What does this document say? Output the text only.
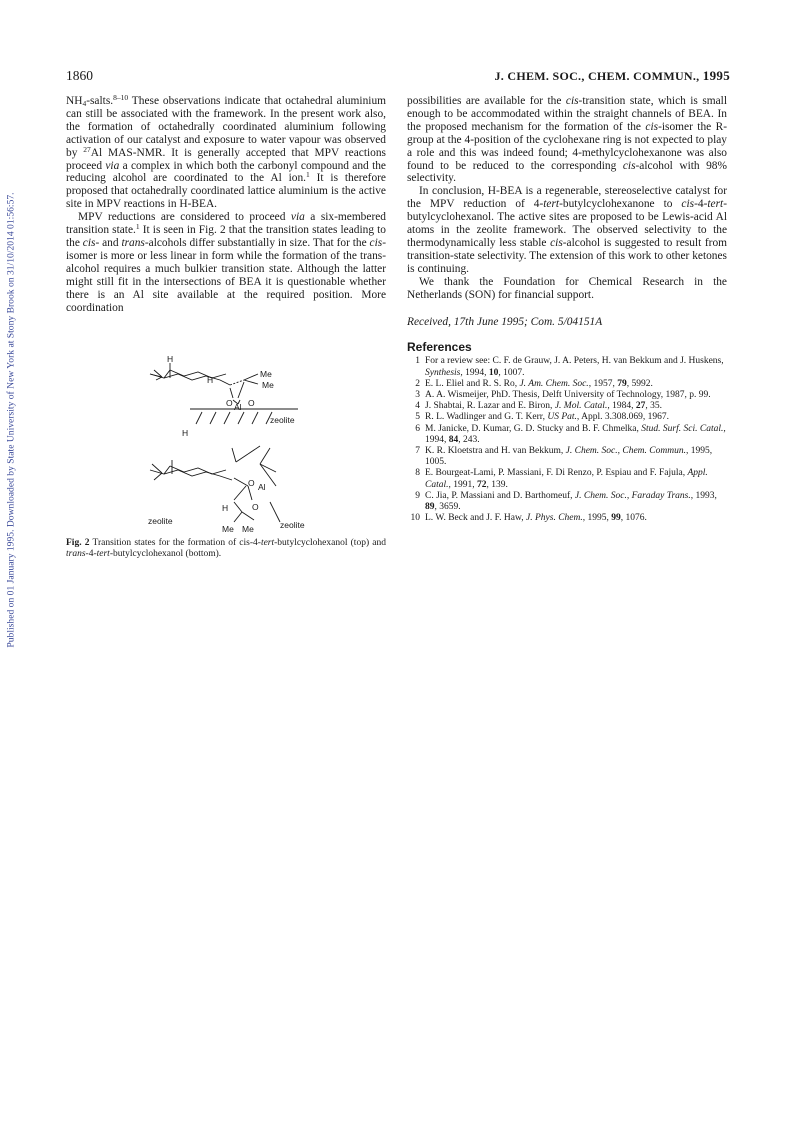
Published on 01 January 1995. Downloaded by State University of New York at Stony Brook on 31/10/2014 01:56:57.
1860	J. CHEM. SOC., CHEM. COMMUN., 1995

$NH_4-salts.^{8-10}$ These observations indicate that octahedral aluminium can still be associated with the framework. In the present work also, the formation of octahedrally coordinated aluminium following activation of our catalyst and exposure to water vapour was observed by $^{27}$Al MAS-NMR. It is generally accepted that MPV reactions proceed via a complex in which both the carbonyl compound and the reducing alcohol are coordinated to the Al ion.$^1$ It is therefore proposed that octahedrally coordinated lattice aluminium is the active site in MPV reactions in H-BEA.

MPV reductions are considered to proceed via a six-membered transition state.$^1$ It is seen in Fig. 2 that the transition states leading to the cis- and trans-alcohols differ substantially in size. That for the cis-isomer is more or less linear in form while the formation of the trans-alcohol requires a much bulkier transition state. Although the latter might still fit in the intersections of BEA it is questionable whether there is an Al site available at the required position. More coordination

H
H
Me
Me
O O
Al
zeolite
H
H
O
O
Al
Me Me
zeolite	zeolite
Fig. 2 Transition states for the formation of cis-4-tert-butylcyclohexanol (top) and trans-4-tert-butylcyclohexanol (bottom).

possibilities are available for the cis-transition state, which is small enough to be accommodated within the straight channels of BEA. In the proposed mechanism for the formation of the cis-isomer the R-group at the 4-position of the cyclohexane ring is not expected to play a role and this was indeed found; 4-methylcyclohexanone was also found to be reduced to the corresponding cis-alcohol with 98% selectivity.

In conclusion, H-BEA is a regenerable, stereoselective catalyst for the MPV reduction of 4-tert-butylcyclohexanone to cis-4-tert-butylcyclohexanol. The active sites are proposed to be Lewis-acid Al atoms in the zeolite framework. The observed selectivity to the thermodynamically less stable cis-alcohol is suggested to result from transition-state selectivity. The extension of this work to other ketones is continuing.

We thank the Foundation for Chemical Research in the Netherlands (SON) for financial support.

Received, 17th June 1995; Com. 5/04151A

References

1 For a review see: C. F. de Grauw, J. A. Peters, H. van Bekkum and J. Huskens, Synthesis, 1994, 10, 1007.
2 E. L. Eliel and R. S. Ro, J. Am. Chem. Soc., 1957, 79, 5992.
3 A. A. Wismeijer, PhD. Thesis, Delft University of Technology, 1987, p. 99.
4 J. Shabtai, R. Lazar and E. Biron, J. Mol. Catal., 1984, 27, 35.
5 R. L. Wadlinger and G. T. Kerr, US Pat., Appl. 3.308.069, 1967.
6 M. Janicke, D. Kumar, G. D. Stucky and B. F. Chmelka, Stud. Surf. Sci. Catal., 1994, 84, 243.
7 K. R. Kloetstra and H. van Bekkum, J. Chem. Soc., Chem. Commun., 1995, 1005.
8 E. Bourgeat-Lami, P. Massiani, F. Di Renzo, P. Espiau and F. Fajula, Appl. Catal., 1991, 72, 139.
9 C. Jia, P. Massiani and D. Barthomeuf, J. Chem. Soc., Faraday Trans., 1993, 89, 3659.
10 L. W. Beck and J. F. Haw, J. Phys. Chem., 1995, 99, 1076.
